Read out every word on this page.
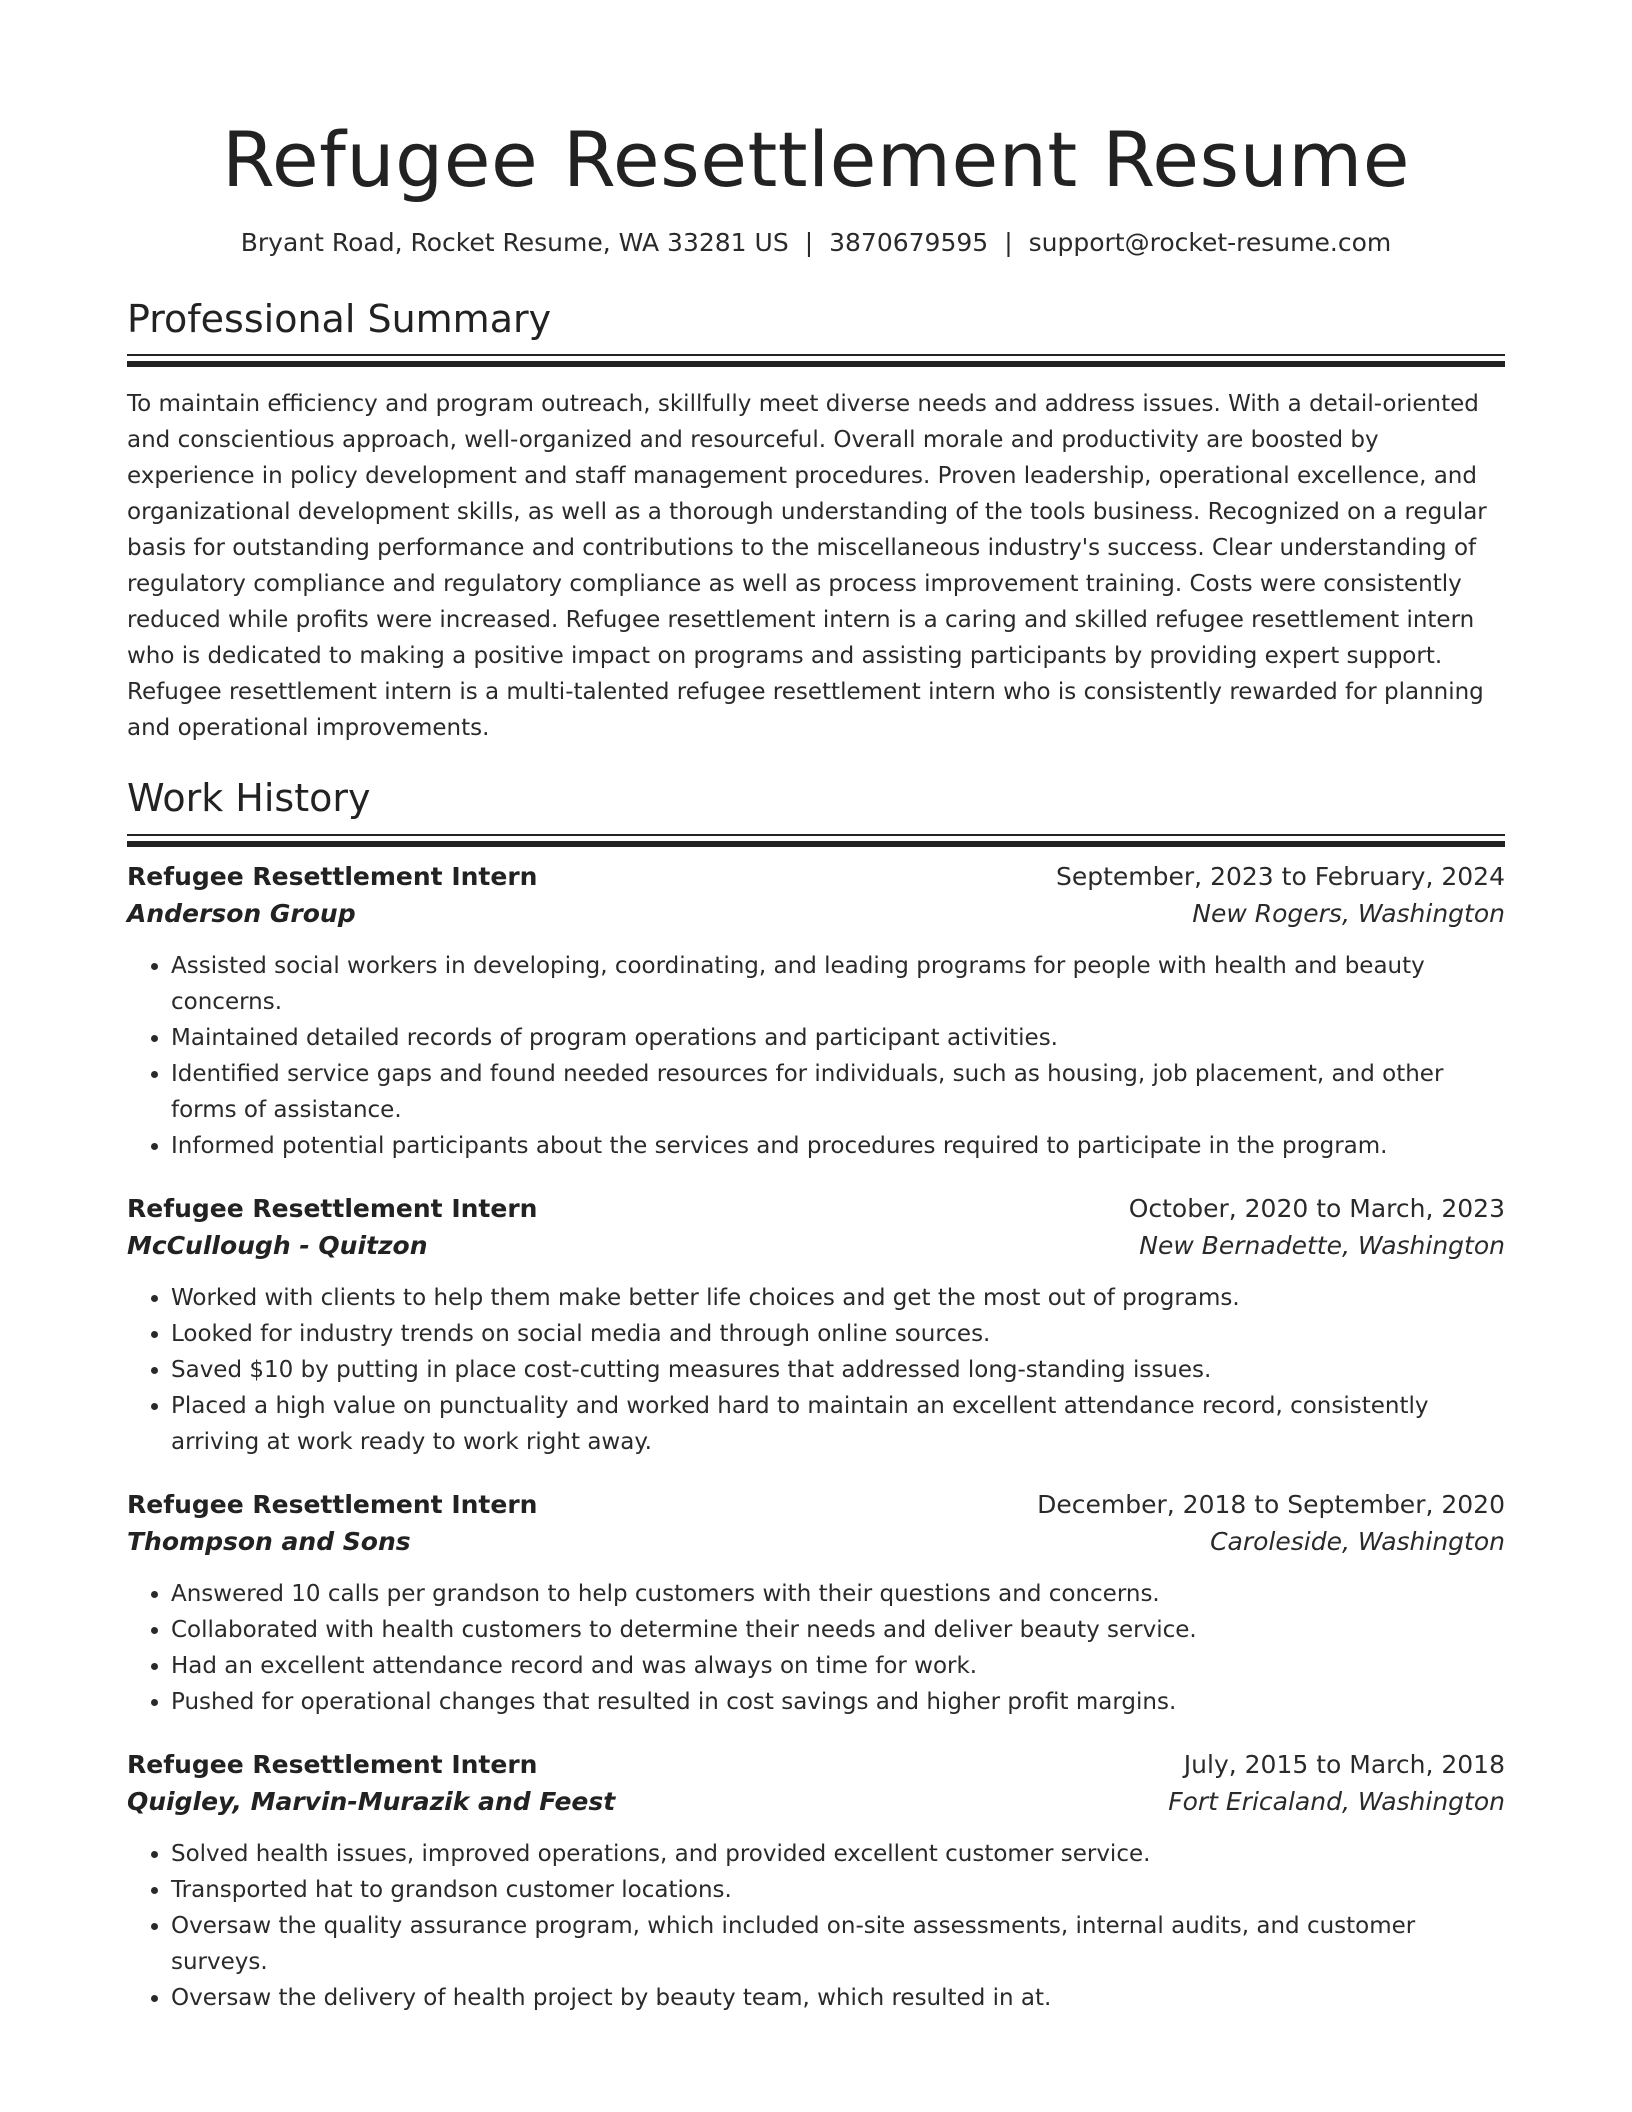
Refugee Resettlement Resume
Bryant Road, Rocket Resume, WA 33281 US | 3870679595 | support@rocket-resume.com
Professional Summary

To maintain efficiency and program outreach, skillfully meet diverse needs and address issues. With a detail-oriented and conscientious approach, well-organized and resourceful. Overall morale and productivity are boosted by experience in policy development and staff management procedures. Proven leadership, operational excellence, and organizational development skills, as well as a thorough understanding of the tools business. Recognized on a regular basis for outstanding performance and contributions to the miscellaneous industry's success. Clear understanding of regulatory compliance and regulatory compliance as well as process improvement training. Costs were consistently reduced while profits were increased. Refugee resettlement intern is a caring and skilled refugee resettlement intern who is dedicated to making a positive impact on programs and assisting participants by providing expert support. Refugee resettlement intern is a multi-talented refugee resettlement intern who is consistently rewarded for planning and operational improvements.

Work History
Refugee Resettlement Intern	September, 2023 to February, 2024
Anderson Group	New Rogers, Washington
• Assisted social workers in developing, coordinating, and leading programs for people with health and beauty concerns.
• Maintained detailed records of program operations and participant activities.
• Identified service gaps and found needed resources for individuals, such as housing, job placement, and other forms of assistance.
• Informed potential participants about the services and procedures required to participate in the program.
Refugee Resettlement Intern	October, 2020 to March, 2023
McCullough - Quitzon	New Bernadette, Washington
• Worked with clients to help them make better life choices and get the most out of programs.
• Looked for industry trends on social media and through online sources.
• Saved $10 by putting in place cost-cutting measures that addressed long-standing issues.
• Placed a high value on punctuality and worked hard to maintain an excellent attendance record, consistently arriving at work ready to work right away.
Refugee Resettlement Intern	December, 2018 to September, 2020
Thompson and Sons	Caroleside, Washington
• Answered 10 calls per grandson to help customers with their questions and concerns.
• Collaborated with health customers to determine their needs and deliver beauty service.
• Had an excellent attendance record and was always on time for work.
• Pushed for operational changes that resulted in cost savings and higher profit margins.
Refugee Resettlement Intern	July, 2015 to March, 2018
Quigley, Marvin-Murazik and Feest	Fort Ericaland, Washington
• Solved health issues, improved operations, and provided excellent customer service.
• Transported hat to grandson customer locations.
• Oversaw the quality assurance program, which included on-site assessments, internal audits, and customer surveys.
• Oversaw the delivery of health project by beauty team, which resulted in at.
